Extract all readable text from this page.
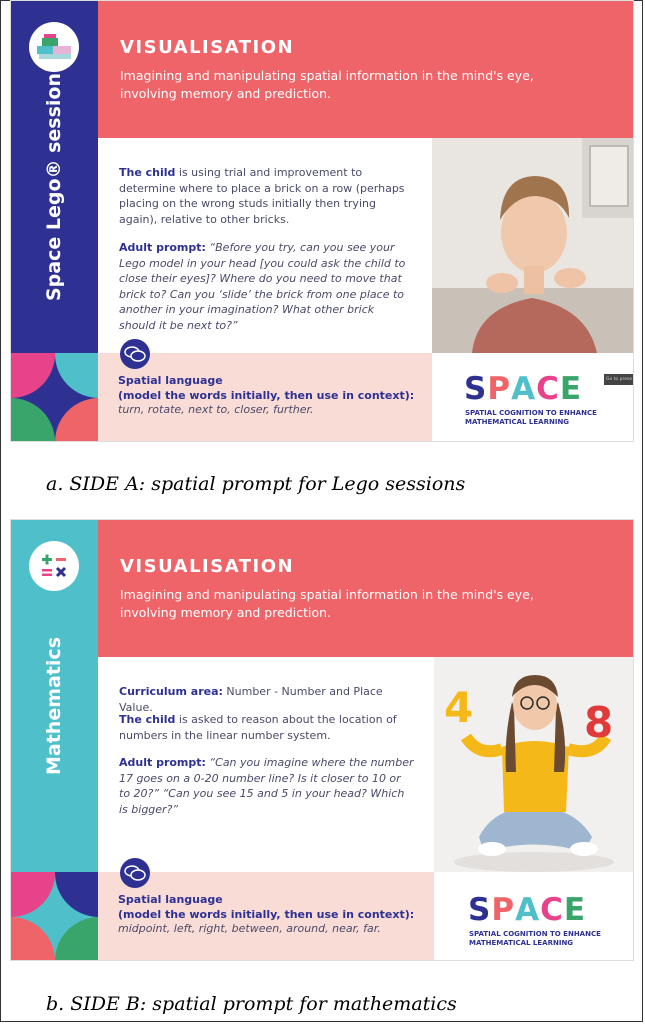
Space Lego® session
VISUALISATION
Imagining and manipulating spatial information in the mind's eye, involving memory and prediction.

The child is using trial and improvement to determine where to place a brick on a row (perhaps placing on the wrong studs initially then trying again), relative to other bricks.

Adult prompt: “Before you try, can you see your Lego model in your head [you could ask the child to close their eyes]? Where do you need to move that brick to? Can you ‘slide’ the brick from one place to another in your imagination? What other brick should it be next to?”

Spatial language
(model the words initially, then use in context):
turn, rotate, next to, closer, further.
SPACE
SPATIAL COGNITION TO ENHANCE
MATHEMATICAL LEARNING
Go to prese
a. SIDE A: spatial prompt for Lego sessions
Mathematics
VISUALISATION
Imagining and manipulating spatial information in the mind's eye, involving memory and prediction.

Curriculum area: Number - Number and Place Value.

The child is asked to reason about the location of numbers in the linear number system.

Adult prompt: “Can you imagine where the number 17 goes on a 0-20 number line? Is it closer to 10 or to 20?” “Can you see 15 and 5 in your head? Which is bigger?”

4	8
Spatial language
(model the words initially, then use in context):
midpoint, left, right, between, around, near, far.
SPACE
SPATIAL COGNITION TO ENHANCE
MATHEMATICAL LEARNING
b. SIDE B: spatial prompt for mathematics
